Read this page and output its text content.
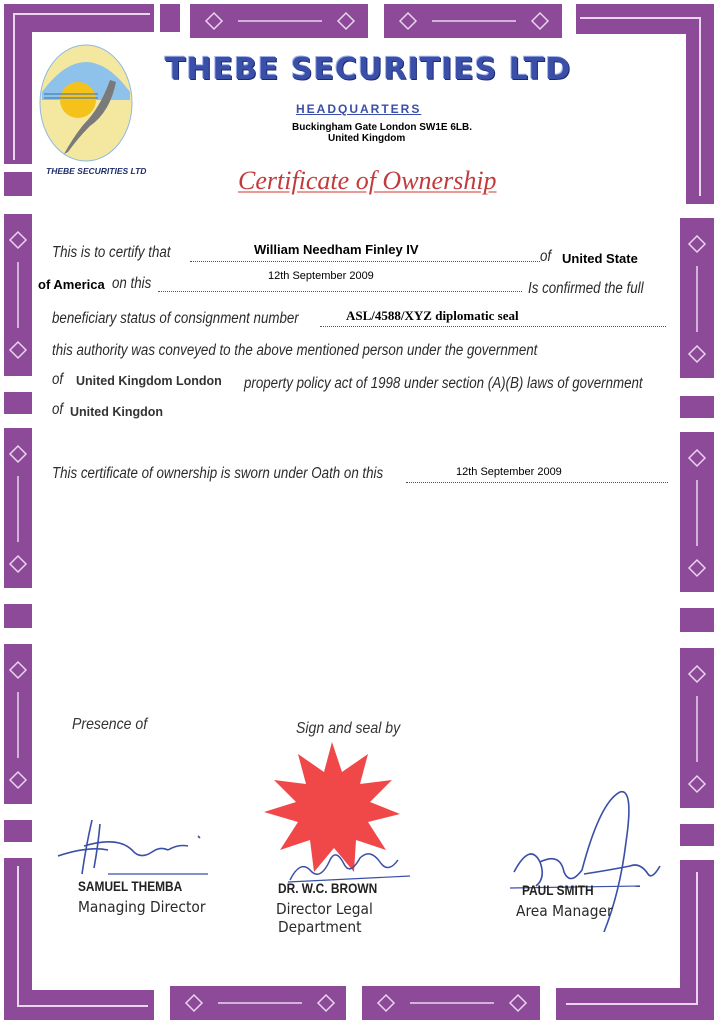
THEBE SECURITIES LTD
HEADQUARTERS
Buckingham Gate London SW1E 6LB.
United Kingdom
THEBE SECURITIES LTD	Certificate of Ownership
This is to certify that	William Needham Finley IV	of United State
of America on this	12th September 2009
Is confirmed the full
beneficiary status of consignment number	ASL/4588/XYZ diplomatic seal
this authority was conveyed to the above mentioned person under the government
of United Kingdom London property policy act of 1998 under section (A)(B) laws of government
of United Kingdon
This certificate of ownership is sworn under Oath on this	12th September 2009
Presence of	Sign and seal by
SAMUEL THEMBA
Managing Director
DR. W.C. BROWN
Director Legal
Department
PAUL SMITH
Area Manager
